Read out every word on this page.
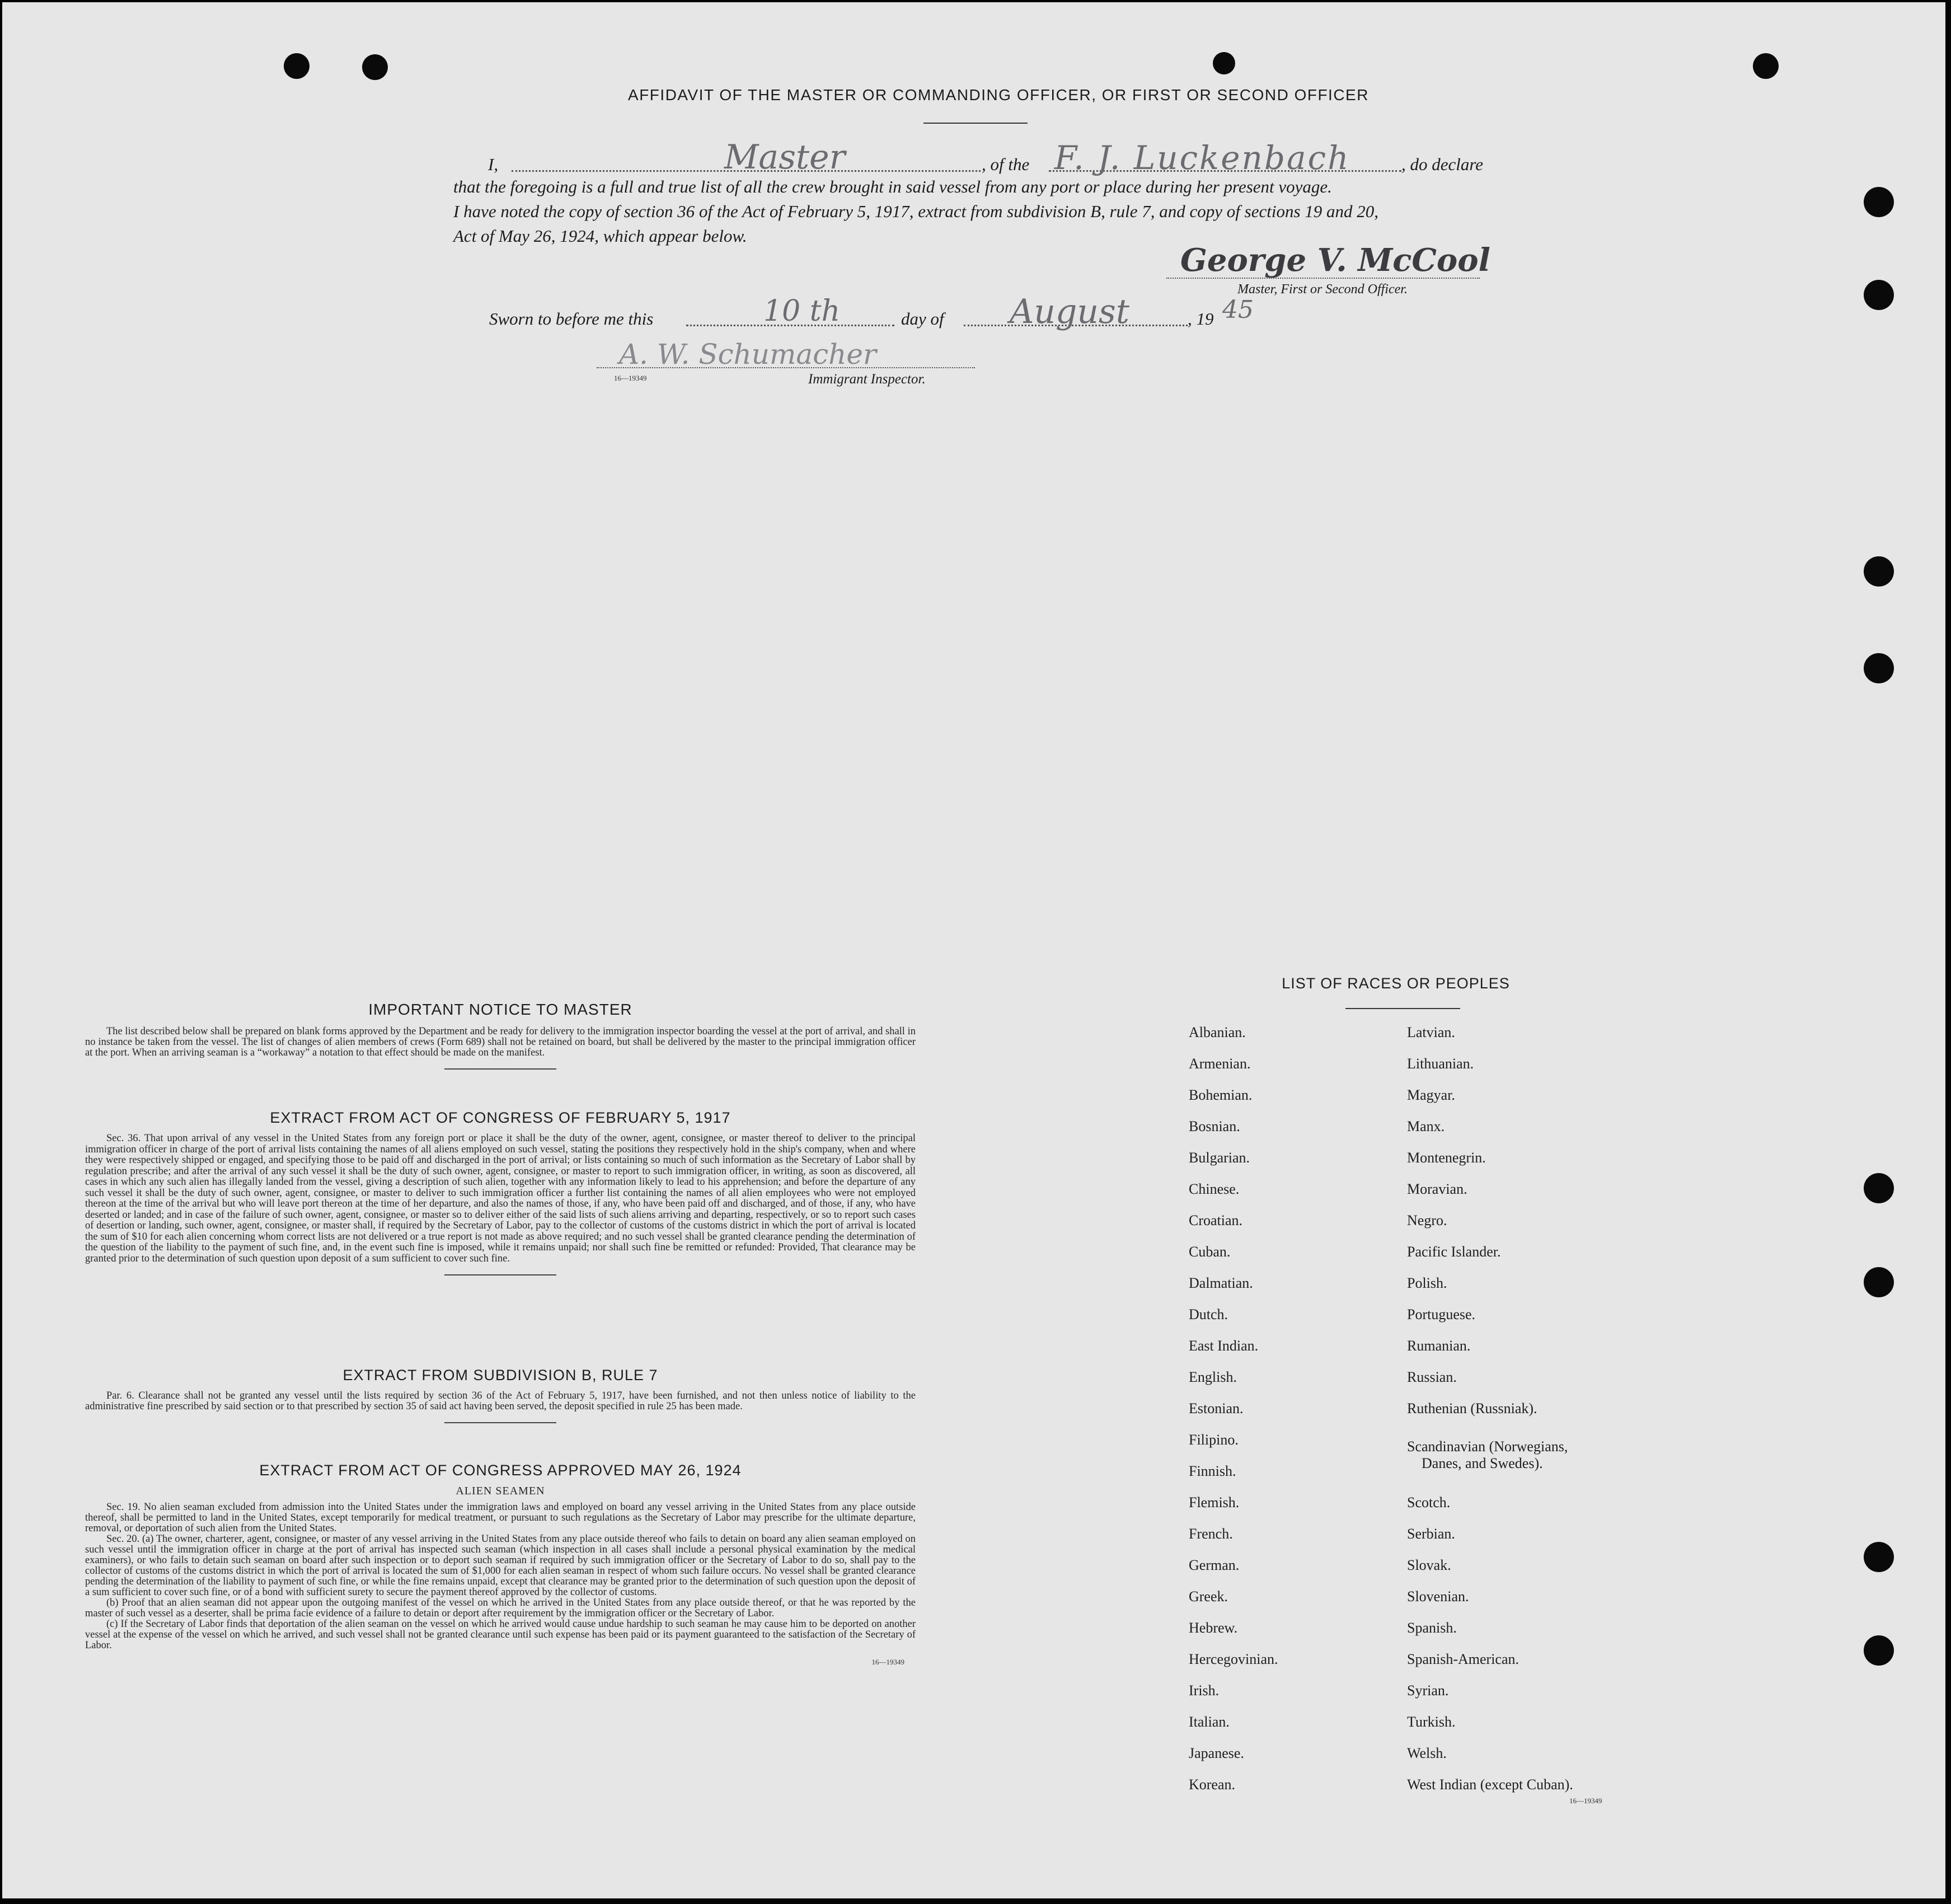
AFFIDAVIT OF THE MASTER OR COMMANDING OFFICER, OR FIRST OR SECOND OFFICER
I,	Master	, of the F. J. Luckenbach	, do declare
that the foregoing is a full and true list of all the crew brought in said vessel from any port or place during her present voyage.
I have noted the copy of section 36 of the Act of February 5, 1917, extract from subdivision B, rule 7, and copy of sections 19 and 20,
Act of May 26, 1924, which appear below.
George V. McCool
Master, First or Second Officer.
Sworn to before me this	10 th	day of August	, 19 45
A. W. Schumacher
16—19349	Immigrant Inspector.
IMPORTANT NOTICE TO MASTER

The list described below shall be prepared on blank forms approved by the Department and be ready for delivery to the immigration inspector boarding the vessel at the port of arrival, and shall in no instance be taken from the vessel. The list of changes of alien members of crews (Form 689) shall not be retained on board, but shall be delivered by the master to the principal immigration officer at the port. When an arriving seaman is a “workaway” a notation to that effect should be made on the manifest.

EXTRACT FROM ACT OF CONGRESS OF FEBRUARY 5, 1917

Sec. 36. That upon arrival of any vessel in the United States from any foreign port or place it shall be the duty of the owner, agent, consignee, or master thereof to deliver to the principal immigration officer in charge of the port of arrival lists containing the names of all aliens employed on such vessel, stating the positions they respectively hold in the ship's company, when and where they were respectively shipped or engaged, and specifying those to be paid off and discharged in the port of arrival; or lists containing so much of such information as the Secretary of Labor shall by regulation prescribe; and after the arrival of any such vessel it shall be the duty of such owner, agent, consignee, or master to report to such immigration officer, in writing, as soon as discovered, all cases in which any such alien has illegally landed from the vessel, giving a description of such alien, together with any information likely to lead to his apprehension; and before the departure of any such vessel it shall be the duty of such owner, agent, consignee, or master to deliver to such immigration officer a further list containing the names of all alien employees who were not employed thereon at the time of the arrival but who will leave port thereon at the time of her departure, and also the names of those, if any, who have been paid off and discharged, and of those, if any, who have deserted or landed; and in case of the failure of such owner, agent, consignee, or master so to deliver either of the said lists of such aliens arriving and departing, respectively, or so to report such cases of desertion or landing, such owner, agent, consignee, or master shall, if required by the Secretary of Labor, pay to the collector of customs of the customs district in which the port of arrival is located the sum of $10 for each alien concerning whom correct lists are not delivered or a true report is not made as above required; and no such vessel shall be granted clearance pending the determination of the question of the liability to the payment of such fine, and, in the event such fine is imposed, while it remains unpaid; nor shall such fine be remitted or refunded: Provided, That clearance may be granted prior to the determination of such question upon deposit of a sum sufficient to cover such fine.

EXTRACT FROM SUBDIVISION B, RULE 7

Par. 6. Clearance shall not be granted any vessel until the lists required by section 36 of the Act of February 5, 1917, have been furnished, and not then unless notice of liability to the administrative fine prescribed by said section or to that prescribed by section 35 of said act having been served, the deposit specified in rule 25 has been made.

EXTRACT FROM ACT OF CONGRESS APPROVED MAY 26, 1924
ALIEN SEAMEN

Sec. 19. No alien seaman excluded from admission into the United States under the immigration laws and employed on board any vessel arriving in the United States from any place outside thereof, shall be permitted to land in the United States, except temporarily for medical treatment, or pursuant to such regulations as the Secretary of Labor may prescribe for the ultimate departure, removal, or deportation of such alien from the United States.

Sec. 20. (a) The owner, charterer, agent, consignee, or master of any vessel arriving in the United States from any place outside thereof who fails to detain on board any alien seaman employed on such vessel until the immigration officer in charge at the port of arrival has inspected such seaman (which inspection in all cases shall include a personal physical examination by the medical examiners), or who fails to detain such seaman on board after such inspection or to deport such seaman if required by such immigration officer or the Secretary of Labor to do so, shall pay to the collector of customs of the customs district in which the port of arrival is located the sum of $1,000 for each alien seaman in respect of whom such failure occurs. No vessel shall be granted clearance pending the determination of the liability to payment of such fine, or while the fine remains unpaid, except that clearance may be granted prior to the determination of such question upon the deposit of a sum sufficient to cover such fine, or of a bond with sufficient surety to secure the payment thereof approved by the collector of customs.

(b) Proof that an alien seaman did not appear upon the outgoing manifest of the vessel on which he arrived in the United States from any place outside thereof, or that he was reported by the master of such vessel as a deserter, shall be prima facie evidence of a failure to detain or deport after requirement by the immigration officer or the Secretary of Labor.

(c) If the Secretary of Labor finds that deportation of the alien seaman on the vessel on which he arrived would cause undue hardship to such seaman he may cause him to be deported on another vessel at the expense of the vessel on which he arrived, and such vessel shall not be granted clearance until such expense has been paid or its payment guaranteed to the satisfaction of the Secretary of Labor.

16—19349
LIST OF RACES OR PEOPLES
Albanian.
Armenian.
Bohemian.
Bosnian.
Bulgarian.
Chinese.
Croatian.
Cuban.
Dalmatian.
Dutch.
East Indian.
English.
Estonian.
Filipino.
Finnish.
Flemish.
French.
German.
Greek.
Hebrew.
Hercegovinian.
Irish.
Italian.
Japanese.
Korean.
Latvian.
Lithuanian.
Magyar.
Manx.
Montenegrin.
Moravian.
Negro.
Pacific Islander.
Polish.
Portuguese.
Rumanian.
Russian.
Ruthenian (Russniak).
Scandinavian (Norwegians,
Danes, and Swedes).
Scotch.
Serbian.
Slovak.
Slovenian.
Spanish.
Spanish-American.
Syrian.
Turkish.
Welsh.
West Indian (except Cuban).
16—19349
